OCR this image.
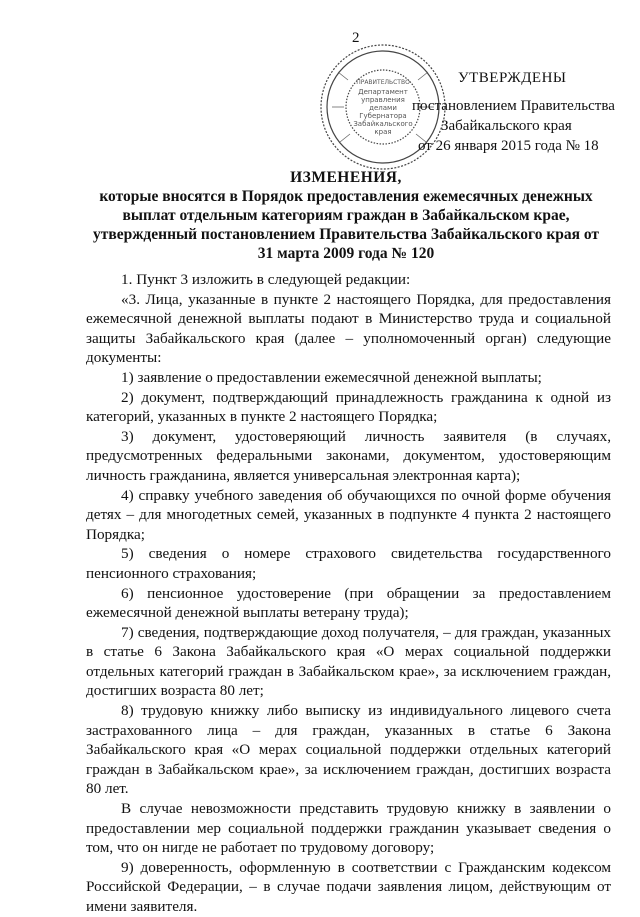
2
ПРАВИТЕЛЬСТВО
Департамент
управления
делами
Губернатора
Забайкальского
края
УТВЕРЖДЕНЫ
постановлением Правительства
Забайкальского края
от 26 января 2015 года № 18
ИЗМЕНЕНИЯ,
которые вносятся в Порядок предоставления ежемесячных денежных
выплат отдельным категориям граждан в Забайкальском крае,
утвержденный постановлением Правительства Забайкальского края от
31 марта 2009 года № 120

1. Пункт 3 изложить в следующей редакции:

«3. Лица, указанные в пункте 2 настоящего Порядка, для предоставления ежемесячной денежной выплаты подают в Министерство труда и социальной защиты Забайкальского края (далее – уполномоченный орган) следующие документы:

1) заявление о предоставлении ежемесячной денежной выплаты;

2) документ, подтверждающий принадлежность гражданина к одной из категорий, указанных в пункте 2 настоящего Порядка;

3) документ, удостоверяющий личность заявителя (в случаях, предусмотренных федеральными законами, документом, удостоверяющим личность гражданина, является универсальная электронная карта);

4) справку учебного заведения об обучающихся по очной форме обучения детях – для многодетных семей, указанных в подпункте 4 пункта 2 настоящего Порядка;

5) сведения о номере страхового свидетельства государственного пенсионного страхования;

6) пенсионное удостоверение (при обращении за предоставлением ежемесячной денежной выплаты ветерану труда);

7) сведения, подтверждающие доход получателя, – для граждан, указанных в статье 6 Закона Забайкальского края «О мерах социальной поддержки отдельных категорий граждан в Забайкальском крае», за исключением граждан, достигших возраста 80 лет;

8) трудовую книжку либо выписку из индивидуального лицевого счета застрахованного лица – для граждан, указанных в статье 6 Закона Забайкальского края «О мерах социальной поддержки отдельных категорий граждан в Забайкальском крае», за исключением граждан, достигших возраста 80 лет.

В случае невозможности представить трудовую книжку в заявлении о предоставлении мер социальной поддержки гражданин указывает сведения о том, что он нигде не работает по трудовому договору;

9) доверенность, оформленную в соответствии с Гражданским кодексом Российской Федерации, – в случае подачи заявления лицом, действующим от имени заявителя.
